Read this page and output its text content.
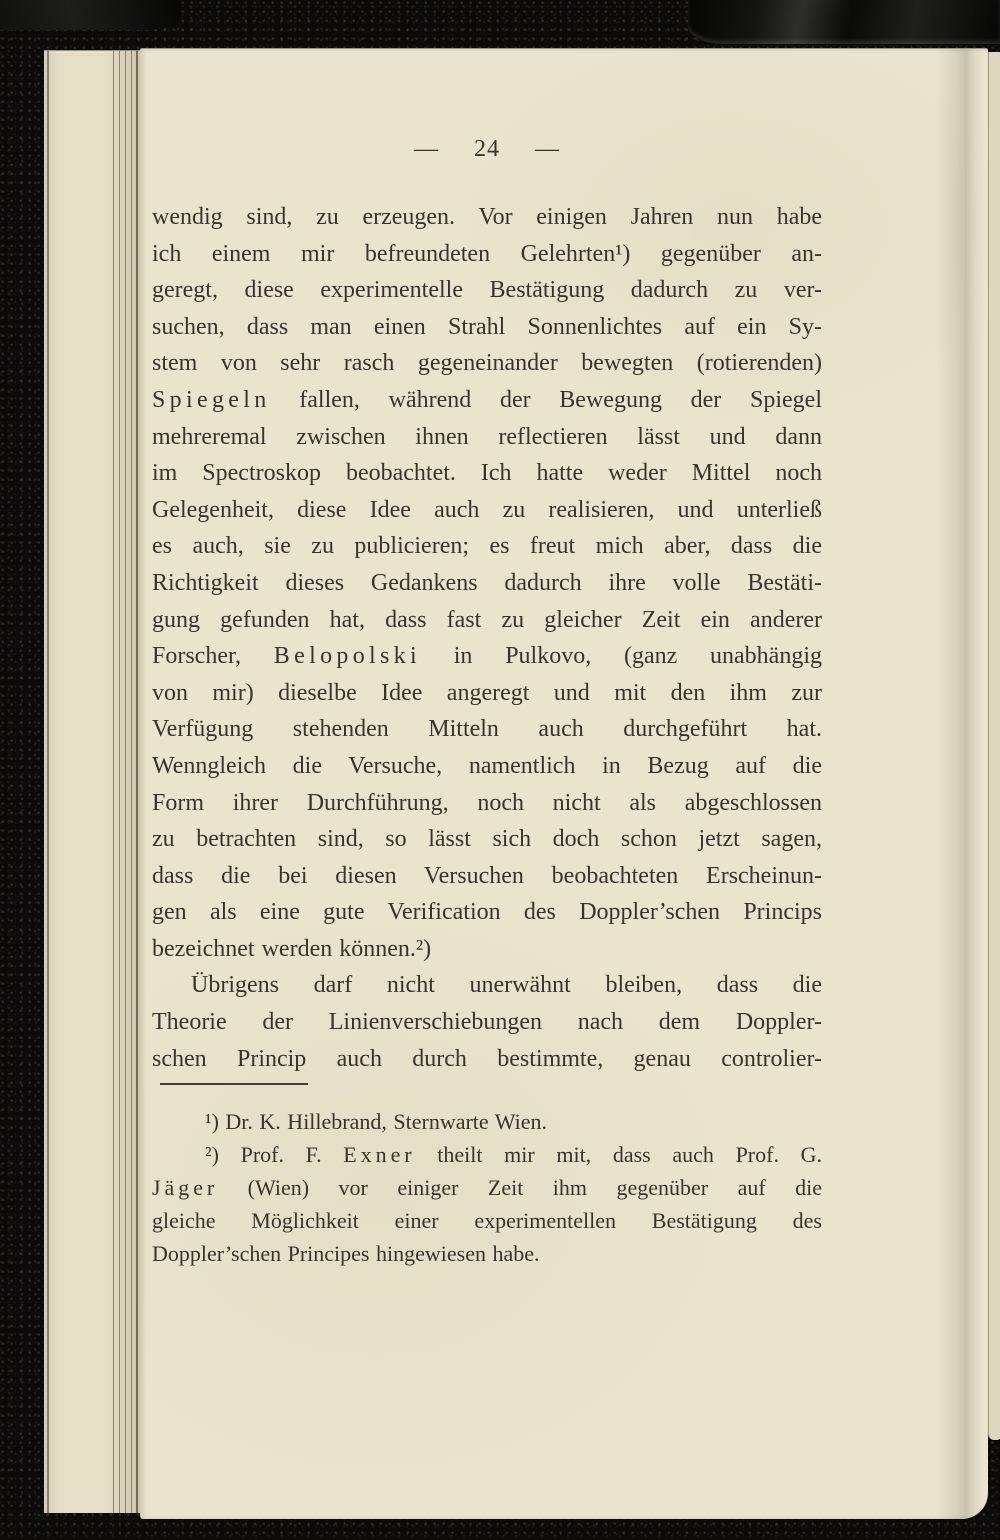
— 24 —
wendig sind, zu erzeugen. Vor einigen Jahren nun habe
ich einem mir befreundeten Gelehrten¹) gegenüber an-
geregt, diese experimentelle Bestätigung dadurch zu ver-
suchen, dass man einen Strahl Sonnenlichtes auf ein Sy-
stem von sehr rasch gegeneinander bewegten (rotierenden)
Spiegeln fallen, während der Bewegung der Spiegel
mehreremal zwischen ihnen reflectieren lässt und dann
im Spectroskop beobachtet. Ich hatte weder Mittel noch
Gelegenheit, diese Idee auch zu realisieren, und unterließ
es auch, sie zu publicieren; es freut mich aber, dass die
Richtigkeit dieses Gedankens dadurch ihre volle Bestäti-
gung gefunden hat, dass fast zu gleicher Zeit ein anderer
Forscher, Belopolski in Pulkovo, (ganz unabhängig
von mir) dieselbe Idee angeregt und mit den ihm zur
Verfügung stehenden Mitteln auch durchgeführt hat.
Wenngleich die Versuche, namentlich in Bezug auf die
Form ihrer Durchführung, noch nicht als abgeschlossen
zu betrachten sind, so lässt sich doch schon jetzt sagen,
dass die bei diesen Versuchen beobachteten Erscheinun-
gen als eine gute Verification des Doppler’schen Princips
bezeichnet werden können.²)
Übrigens darf nicht unerwähnt bleiben, dass die
Theorie der Linienverschiebungen nach dem Doppler-
schen Princip auch durch bestimmte, genau controlier-
¹) Dr. K. Hillebrand, Sternwarte Wien.
²) Prof. F. Exner theilt mir mit, dass auch Prof. G.
Jäger (Wien) vor einiger Zeit ihm gegenüber auf die
gleiche Möglichkeit einer experimentellen Bestätigung des
Doppler’schen Principes hingewiesen habe.
